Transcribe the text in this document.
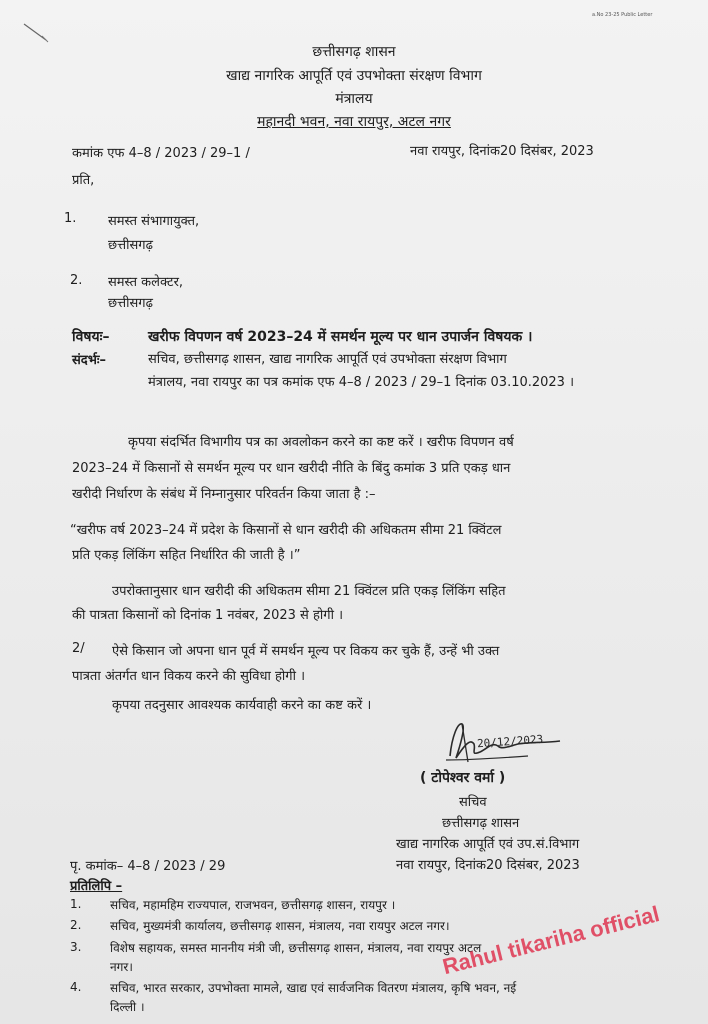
a.No 23-25 Public Letter
छत्तीसगढ़ शासन
खाद्य नागरिक आपूर्ति एवं उपभोक्ता संरक्षण विभाग
मंत्रालय
महानदी भवन, नवा रायपुर, अटल नगर
कमांक एफ 4–8 / 2023 / 29–1 /	नवा रायपुर, दिनांक20 दिसंबर, 2023
प्रति,
1. समस्त संभागायुक्त,
छत्तीसगढ़
2. समस्त कलेक्टर,
छत्तीसगढ़
विषयः–	खरीफ विपणन वर्ष 2023–24 में समर्थन मूल्य पर धान उपार्जन विषयक ।
संदर्भः–	सचिव, छत्तीसगढ़ शासन, खाद्य नागरिक आपूर्ति एवं उपभोक्ता संरक्षण विभाग
मंत्रालय, नवा रायपुर का पत्र कमांक एफ 4–8 / 2023 / 29–1 दिनांक 03.10.2023 ।
कृपया संदर्भित विभागीय पत्र का अवलोकन करने का कष्ट करें । खरीफ विपणन वर्ष
2023–24 में किसानों से समर्थन मूल्य पर धान खरीदी नीति के बिंदु कमांक 3 प्रति एकड़ धान
खरीदी निर्धारण के संबंध में निम्नानुसार परिवर्तन किया जाता है :–
“खरीफ वर्ष 2023–24 में प्रदेश के किसानों से धान खरीदी की अधिकतम सीमा 21 क्विंटल
प्रति एकड़ लिंकिंग सहित निर्धारित की जाती है ।”
उपरोक्तानुसार धान खरीदी की अधिकतम सीमा 21 क्विंटल प्रति एकड़ लिंकिंग सहित
की पात्रता किसानों को दिनांक 1 नवंबर, 2023 से होगी ।
2/ ऐसे किसान जो अपना धान पूर्व में समर्थन मूल्य पर विकय कर चुके हैं, उन्हें भी उक्त
पात्रता अंतर्गत धान विकय करने की सुविधा होगी ।
कृपया तदनुसार आवश्यक कार्यवाही करने का कष्ट करें ।
20/12/2023
( टोपेश्वर वर्मा )
सचिव
छत्तीसगढ़ शासन
खाद्य नागरिक आपूर्ति एवं उप.सं.विभाग
नवा रायपुर, दिनांक20 दिसंबर, 2023
पृ. कमांक– 4–8 / 2023 / 29
प्रतिलिपि –
1. सचिव, महामहिम राज्यपाल, राजभवन, छत्तीसगढ़ शासन, रायपुर ।
2. सचिव, मुख्यमंत्री कार्यालय, छत्तीसगढ़ शासन, मंत्रालय, नवा रायपुर अटल नगर।
3. विशेष सहायक, समस्त माननीय मंत्री जी, छत्तीसगढ़ शासन, मंत्रालय, नवा रायपुर अटल
नगर।
4. सचिव, भारत सरकार, उपभोक्ता मामले, खाद्य एवं सार्वजनिक वितरण मंत्रालय, कृषि भवन, नई
दिल्ली ।
Rahul tikariha official
